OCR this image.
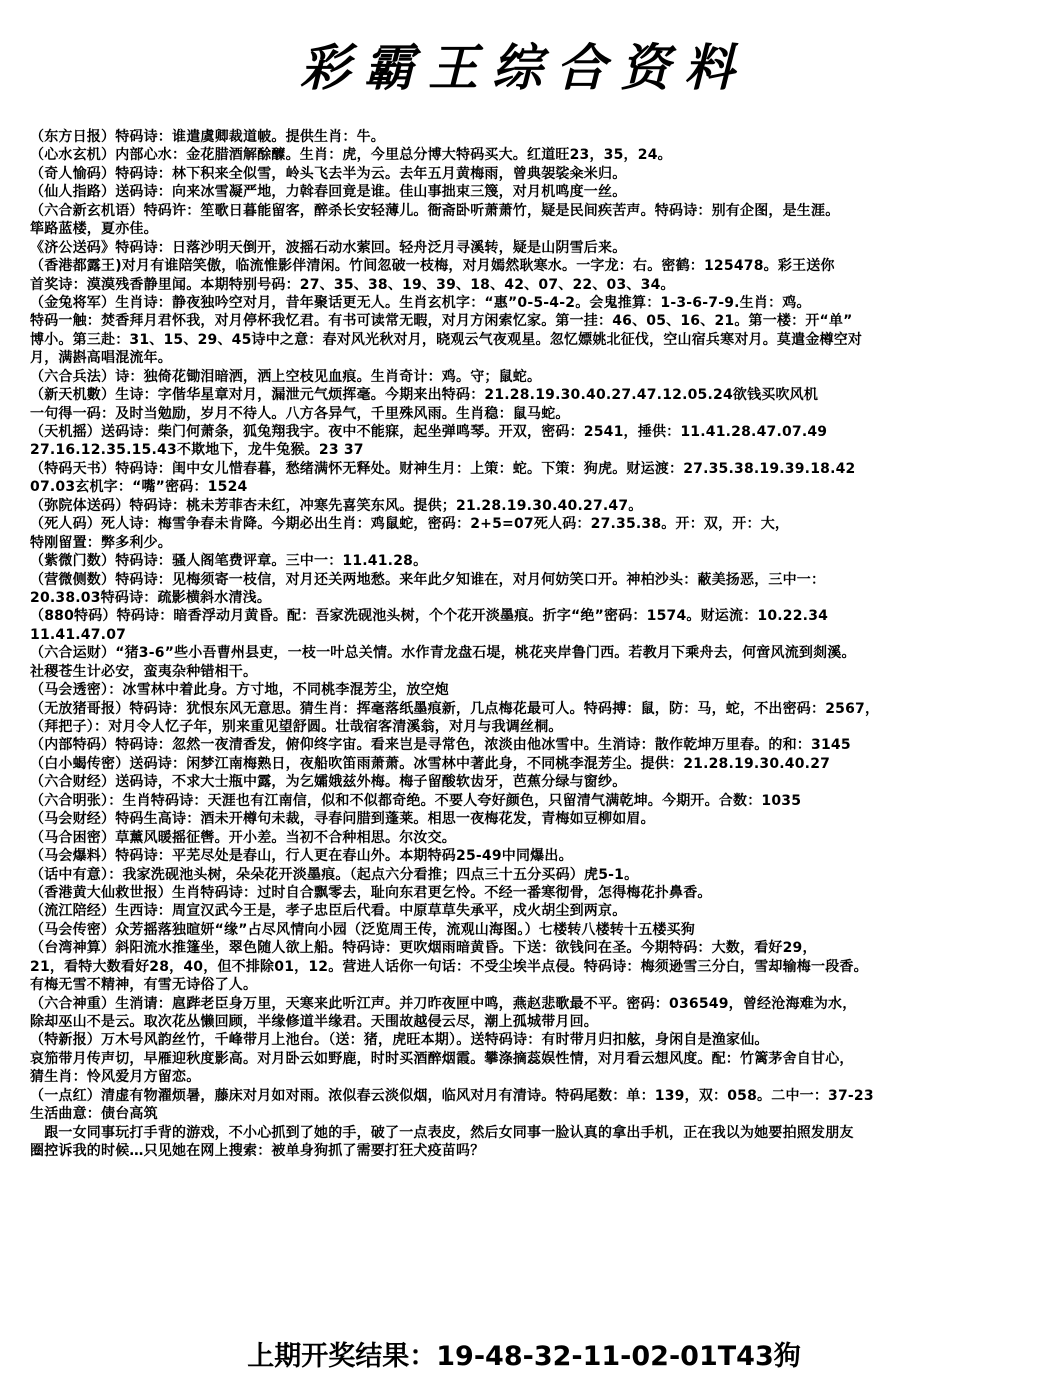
彩霸王综合资料
（东方日报）特码诗：谁遣虞卿裁道帔。提供生肖：牛。
（心水玄机）内部心水：金花腊酒解酴醾。生肖：虎，今里总分博大特码买大。红道旺23，35，24。
（奇人愉码）特码诗：林下积来全似雪，岭头飞去半为云。去年五月黄梅雨，曾典袈裟籴米归。
（仙人指路）送码诗：向来冰雪凝严地，力斡春回竟是谁。佳山事拙束三篾，对月机鸣度一丝。
（六合新玄机语）特码许：笙歌日暮能留客，醉杀长安轻薄儿。衙斋卧听萧萧竹，疑是民间疾苦声。特码诗：别有企图，是生涯。
筚路蓝楼，夏亦佳。
《济公送码》特码诗：日落沙明天倒开，波摇石动水萦回。轻舟泛月寻溪转，疑是山阴雪后来。
（香港都露王)对月有谁陪笑傲，临流惟影伴清闲。竹间忽破一枝梅，对月嫣然耿寒水。一字龙：右。密鹤：125478。彩王送你
首奖诗：漠漠残香静里闻。本期特别号码：27、35、38、19、39、18、42、07、22、03、34。
（金兔将军）生肖诗：静夜独吟空对月，昔年聚话更无人。生肖玄机字：“惠”0-5-4-2。会鬼推算：1-3-6-7-9.生肖：鸡。
特码一触：焚香拜月君怀我，对月停杯我忆君。有书可读常无暇，对月方闲索忆家。第一挂：46、05、16、21。第一楼：开“单”
博小。第三赴：31、15、29、45诗中之意：春对风光秋对月，晓观云气夜观星。忽忆嫖姚北征伐，空山宿兵寒对月。莫遣金樽空对
月，满斟高唱混流年。
（六合兵法）诗：独倚花锄泪暗洒，洒上空枝见血痕。生肖奇计：鸡。守；鼠蛇。
（新天机數）生诗：字偕华星章对月，漏泄元气烦挥毫。今期来出特码：21.28.19.30.40.27.47.12.05.24欲钱买吹风机
一句得一码：及时当勉励，岁月不待人。八方各异气，千里殊风雨。生肖稳：鼠马蛇。
（天机摇）送码诗：柴门何萧条，狐兔翔我宇。夜中不能寐，起坐弹鸣琴。开双，密码：2541，捶供：11.41.28.47.07.49
27.16.12.35.15.43不欺地下，龙牛兔猴。23 37
（特码天书）特码诗：闺中女儿惜春暮，愁绪满怀无释处。财神生月：上策：蛇。下策：狗虎。财运渡：27.35.38.19.39.18.42
07.03玄机字：“嘴”密码：1524
（弥院体送码）特码诗：桃未芳菲杏未红，冲寒先喜笑东风。提供；21.28.19.30.40.27.47。
（死人码）死人诗：梅雪争春未肯降。今期必出生肖：鸡鼠蛇，密码：2+5=07死人码：27.35.38。开：双，开：大，
特刚留置：弊多利少。
（紫微门数）特码诗：骚人阁笔费评章。三中一：11.41.28。
（营微侧数）特码诗：见梅须寄一枝信，对月还关两地愁。来年此夕知谁在，对月何妨笑口开。神柏沙头：蔽美扬恶，三中一：
20.38.03特码诗：疏影横斜水清浅。
（880特码）特码诗：暗香浮动月黄昏。配：吾家洗砚池头树，个个花开淡墨痕。折字“绝”密码：1574。财运流：10.22.34
11.41.47.07
（六合运财）“猪3-6”些小吾曹州县吏，一枝一叶总关情。水作青龙盘石堤，桃花夹岸鲁门西。若教月下乘舟去，何啻风流到剡溪。
社稷苍生计必安，蛮夷杂种错相干。
（马会透密）：冰雪林中着此身。方寸地，不同桃李混芳尘，放空炮
（无放猪哥报）特码诗：犹恨东风无意思。猜生肖：挥毫落纸墨痕新，几点梅花最可人。特码搏：鼠，防：马，蛇，不出密码：2567，
（拜把子）：对月令人忆子年，别来重见望舒圆。壮哉宿客清溪翁，对月与我调丝桐。
（内部特码）特码诗：忽然一夜清香发，俯仰终字宙。看来岂是寻常色，浓淡由他冰雪中。生消诗：散作乾坤万里春。的和：3145
（白小蝎传密）送码诗：闲梦江南梅熟日，夜船吹笛雨萧萧。冰雪林中著此身，不同桃李混芳尘。提供：21.28.19.30.40.27
（六合财经）送码诗，不求大士瓶中露，为乞孀娥兹外梅。梅子留酸软齿牙，芭蕉分绿与窗纱。
（六合明张）：生肖特码诗：天涯也有江南信，似和不似都奇绝。不要人夸好颜色，只留清气满乾坤。今期开。合数：1035
（马会财经）特码生高诗：酒未开樽句未裁，寻春问腊到蓬莱。相思一夜梅花发，青梅如豆柳如眉。
（马合困密）草薰风暖摇征辔。开小差。当初不合种相思。尔汝交。
（马会爆料）特码诗：平芜尽处是春山，行人更在春山外。本期特码25-49中同爆出。
（话中有意）：我家洗砚池头树，朵朵花开淡墨痕。（起点六分看推；四点三十五分买码）虎5-1。
（香港黄大仙救世报）生肖特码诗：过时自合飘零去，耻向东君更乞怜。不经一番寒彻骨，怎得梅花扑鼻香。
（流江陪经）生西诗：周宣汉武今王是，孝子忠臣后代看。中原草草失承平，戍火胡尘到两京。
（马会传密）众芳摇落独暄妍“缘”占尽风情向小园（泛览周王传，流观山海图。）七楼转八楼转十五楼买狗
（台湾神算）斜阳流水推篷坐，翠色随人欲上船。特码诗：更吹烟雨暗黄昏。下送：欲钱问在圣。今期特码：大数，看好29，
21，看特大数看好28，40，但不排除01，12。营进人话你一句话：不受尘埃半点侵。特码诗：梅须逊雪三分白，雪却输梅一段香。
有梅无雪不精神，有雪无诗俗了人。
（六合神重）生消请：扈跸老臣身万里，天寒来此听江声。并刀昨夜匣中鸣，燕赵悲歌最不平。密码：036549，曾经沧海难为水，
除却巫山不是云。取次花丛懒回顾，半缘修道半缘君。天围故越侵云尽，潮上孤城带月回。
（特新报）万木号风韵丝竹，千峰带月上池台。（送：猪，虎旺本期）。送特码诗：有时带月归扣舷，身闲自是渔家仙。
哀笳带月传声切，早雁迎秋度影高。对月卧云如野鹿，时时买酒醉烟霞。攀涤摘蕊娱性情，对月看云想风度。配：竹篱茅舍自甘心，
猜生肖：怜风爱月方留恋。
（一点红）清虚有物濯烦暑，藤床对月如对雨。浓似春云淡似烟，临风对月有清诗。特码尾数：单：139，双：058。二中一：37-23
生活曲意：债台高筑
　跟一女同事玩打手背的游戏，不小心抓到了她的手，破了一点表皮，然后女同事一脸认真的拿出手机，正在我以为她要拍照发朋友
圈控诉我的时候…只见她在网上搜索：被单身狗抓了需要打狂犬疫苗吗？
上期开奖结果：19-48-32-11-02-01T43狗
